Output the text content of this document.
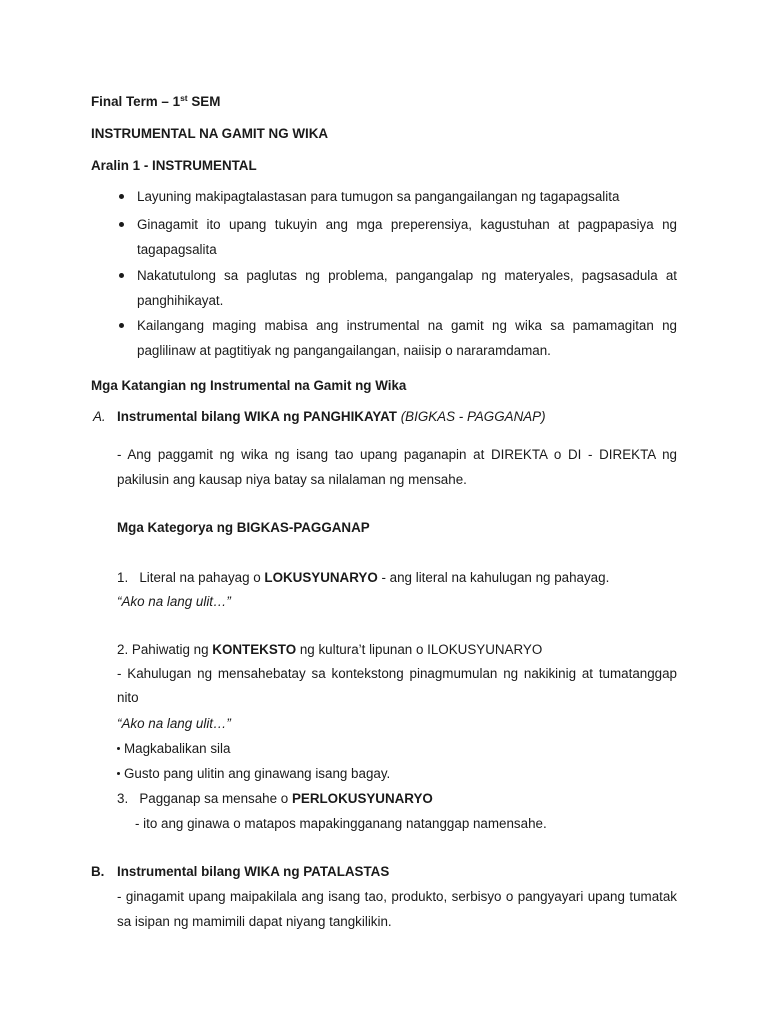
Final Term – 1st SEM
INSTRUMENTAL NA GAMIT NG WIKA
Aralin 1 - INSTRUMENTAL
Layuning makipagtalastasan para tumugon sa pangangailangan ng tagapagsalita
Ginagamit ito upang tukuyin ang mga preperensiya, kagustuhan at pagpapasiya ng tagapagsalita
Nakatutulong sa paglutas ng problema, pangangalap ng materyales, pagsasadula at panghihikayat.
Kailangang maging mabisa ang instrumental na gamit ng wika sa pamamagitan ng paglilinaw at pagtitiyak ng pangangailangan, naiisip o nararamdaman.
Mga Katangian ng Instrumental na Gamit ng Wika
A. Instrumental bilang WIKA ng PANGHIKAYAT (BIGKAS - PAGGANAP)
- Ang paggamit ng wika ng isang tao upang paganapin at DIREKTA o DI - DIREKTA ng pakilusin ang kausap niya batay sa nilalaman ng mensahe.
Mga Kategorya ng BIGKAS-PAGGANAP
1. Literal na pahayag o LOKUSYUNARYO - ang literal na kahulugan ng pahayag.
“Ako na lang ulit…”
2. Pahiwatig ng KONTEKSTO ng kultura’t lipunan o ILOKUSYUNARYO
- Kahulugan ng mensahebatay sa kontekstong pinagmumulan ng nakikinig at tumatanggap nito
“Ako na lang ulit…”
Magkabalikan sila
Gusto pang ulitin ang ginawang isang bagay.
3. Pagganap sa mensahe o PERLOKUSYUNARYO
- ito ang ginawa o matapos mapakingganang natanggap namensahe.
B. Instrumental bilang WIKA ng PATALASTAS
- ginagamit upang maipakilala ang isang tao, produkto, serbisyo o pangyayari upang tumatak sa isipan ng mamimili dapat niyang tangkilikin.
